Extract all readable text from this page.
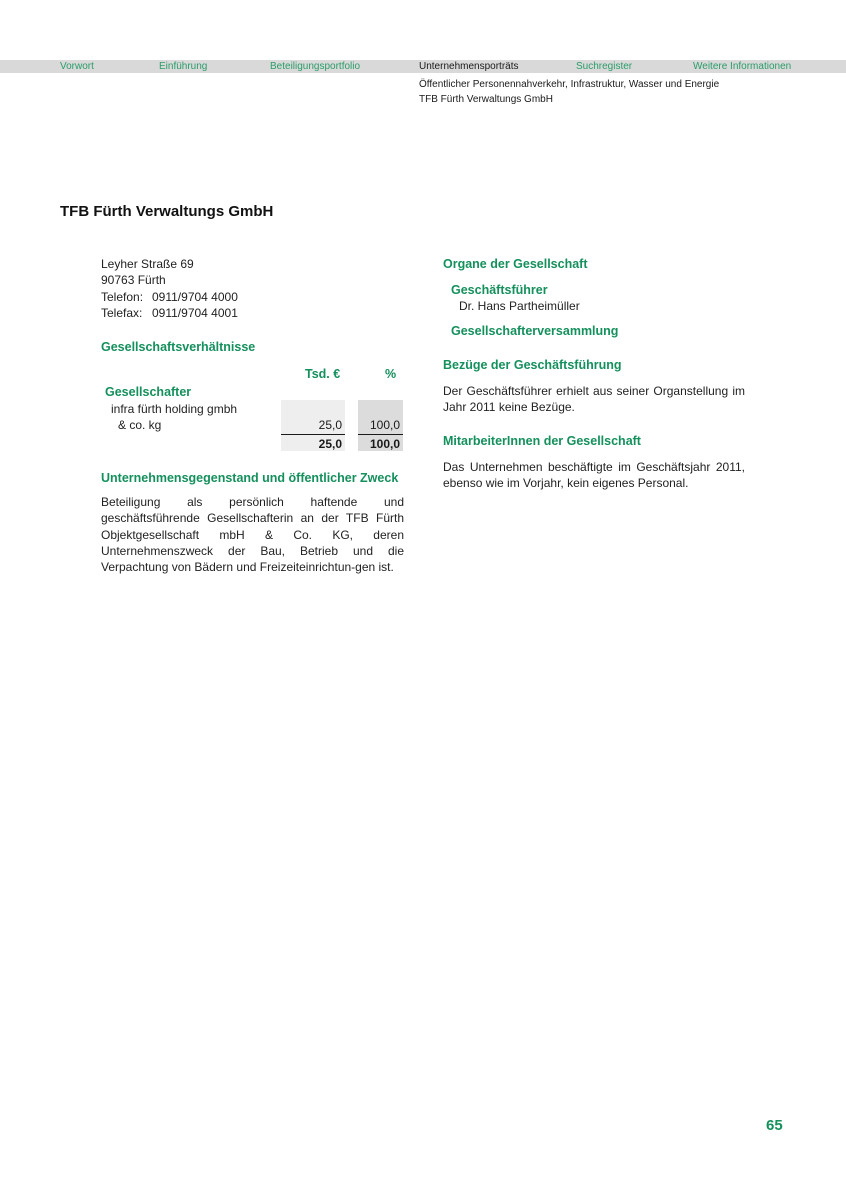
Vorwort	Einführung	Beteiligungsportfolio	Unternehmensporträts	Suchregister	Weitere Informationen
Öffentlicher Personennahverkehr, Infrastruktur, Wasser und Energie
TFB Fürth Verwaltungs GmbH
TFB Fürth Verwaltungs GmbH
Leyher Straße 69
90763 Fürth
Telefon: 0911/9704 4000
Telefax: 0911/9704 4001
Gesellschaftsverhältnisse
Tsd. €	%
Gesellschafter
infra fürth holding gmbh
& co. kg	25,0	100,0
25,0	100,0
Unternehmensgegenstand und öffentlicher Zweck
Beteiligung als persönlich haftende und geschäftsführende Gesellschafterin an der TFB Fürth Objektgesellschaft mbH & Co. KG, deren Unternehmenszweck der Bau, Betrieb und die Verpachtung von Bädern und Freizeiteinrichtun-gen ist.
Organe der Gesellschaft
Geschäftsführer
Dr. Hans Partheimüller
Gesellschafterversammlung
Bezüge der Geschäftsführung
Der Geschäftsführer erhielt aus seiner Organstellung im Jahr 2011 keine Bezüge.
MitarbeiterInnen der Gesellschaft
Das Unternehmen beschäftigte im Geschäftsjahr 2011, ebenso wie im Vorjahr, kein eigenes Personal.
65
